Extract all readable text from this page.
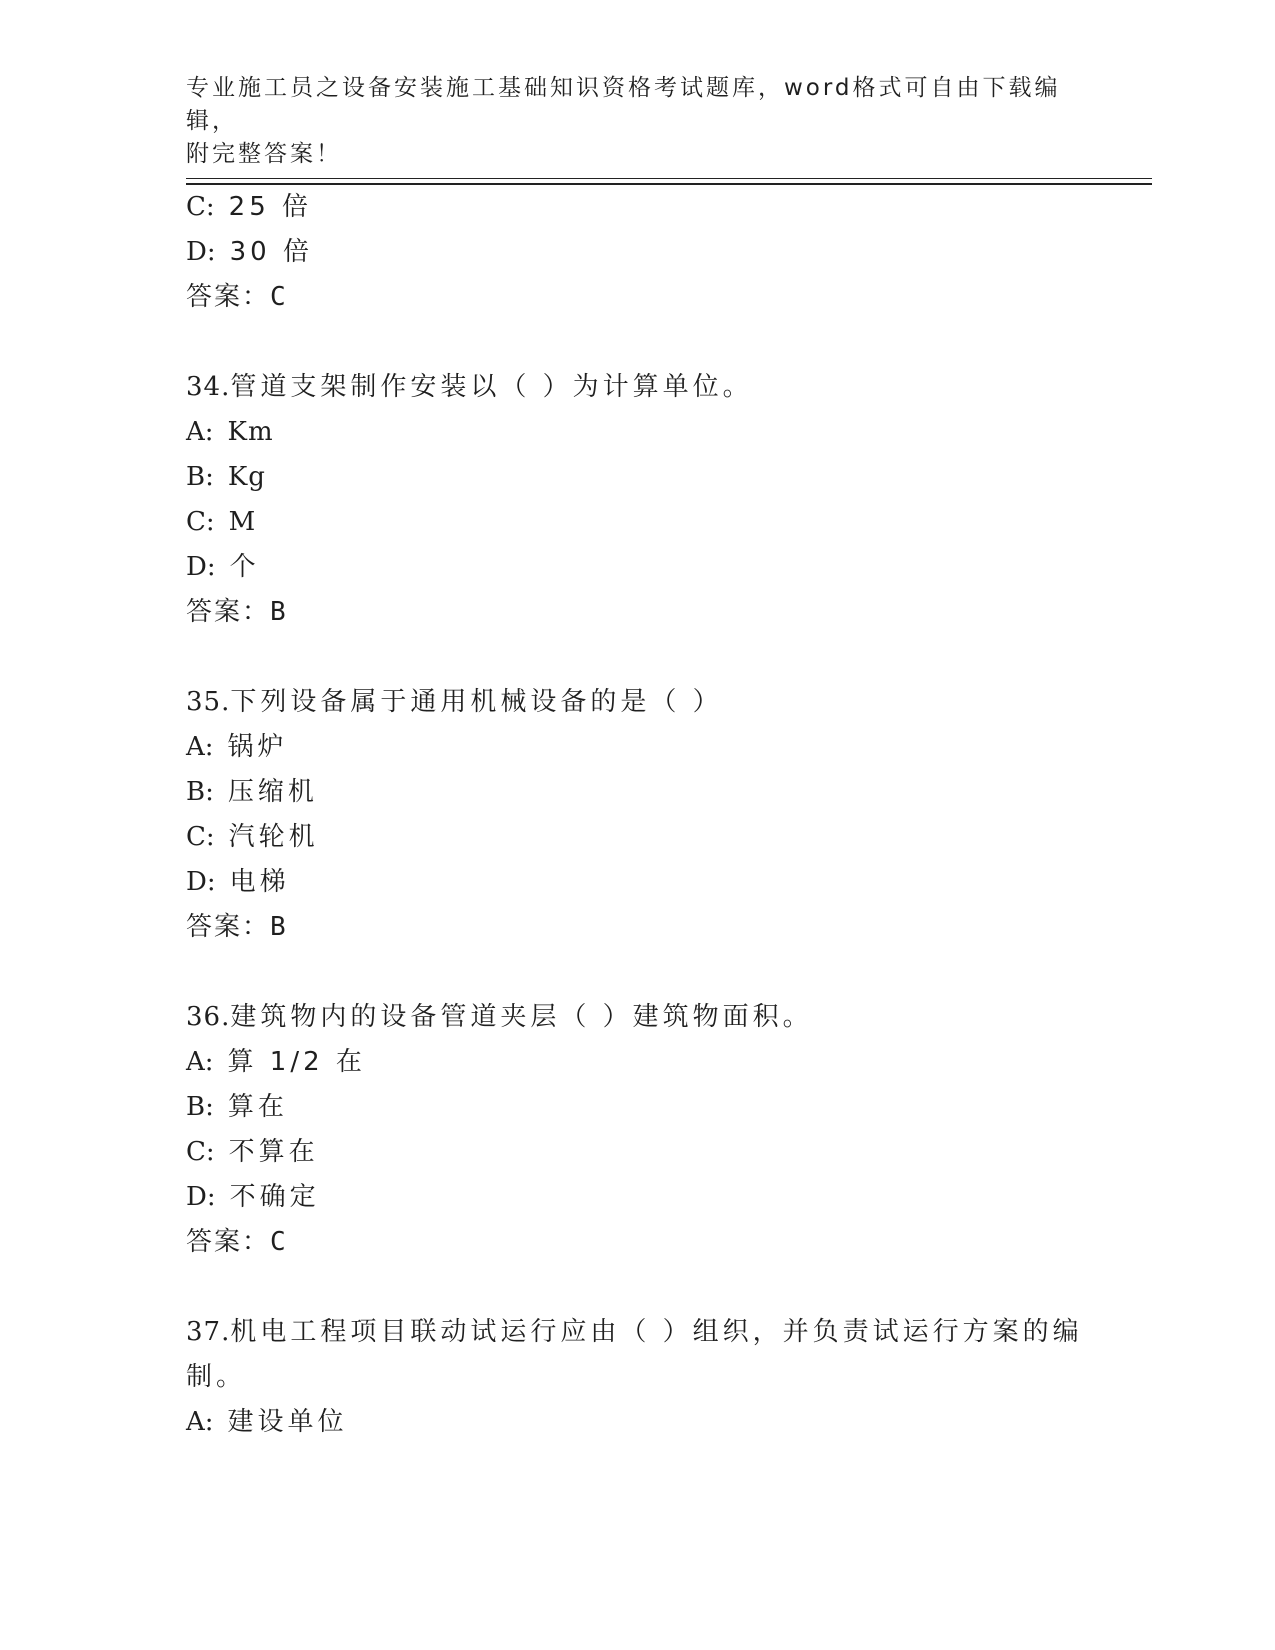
专业施工员之设备安装施工基础知识资格考试题库，word格式可自由下载编辑，
附完整答案！
C: 25 倍
D: 30 倍
答案：C
34.管道支架制作安装以（ ）为计算单位。
A: Km
B: Kg
C: M
D: 个
答案：B
35.下列设备属于通用机械设备的是（ ）
A: 锅炉
B: 压缩机
C: 汽轮机
D: 电梯
答案：B
36.建筑物内的设备管道夹层（ ）建筑物面积。
A: 算 1/2 在
B: 算在
C: 不算在
D: 不确定
答案：C
37.机电工程项目联动试运行应由（ ）组织，并负责试运行方案的编
制。
A: 建设单位
